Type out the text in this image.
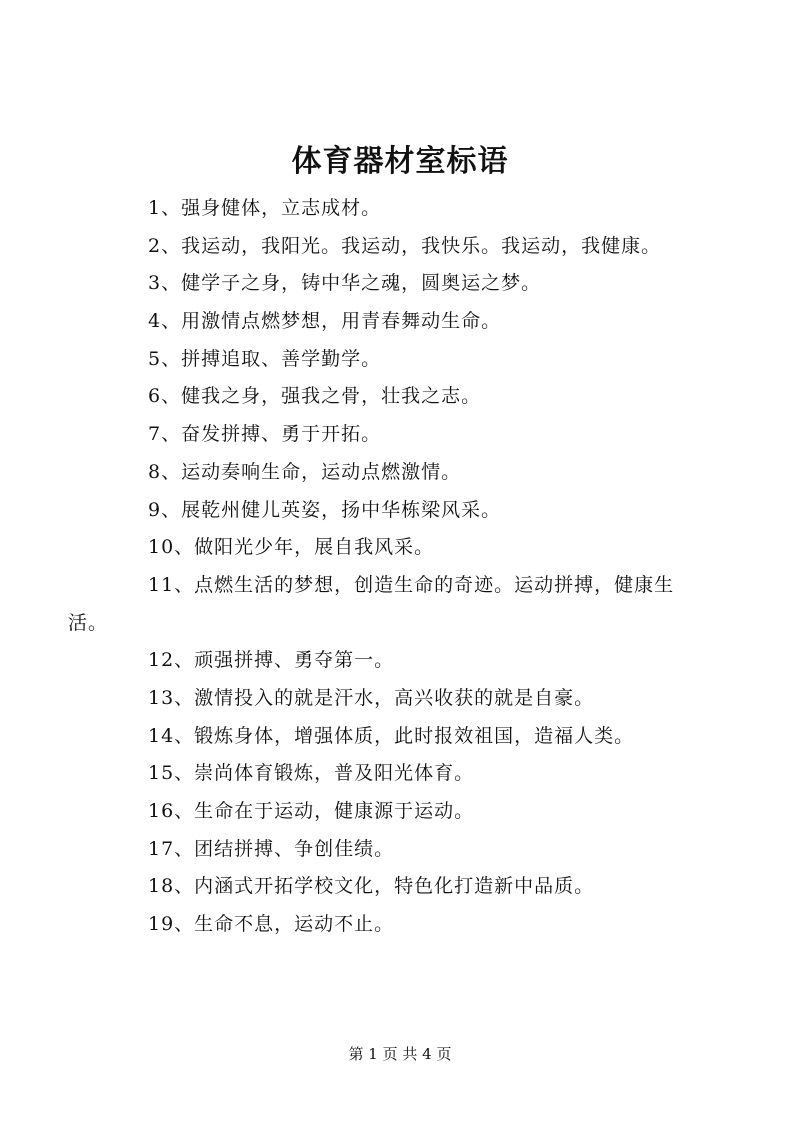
体育器材室标语

1、强身健体，立志成材。

2、我运动，我阳光。我运动，我快乐。我运动，我健康。

3、健学子之身，铸中华之魂，圆奥运之梦。

4、用激情点燃梦想，用青春舞动生命。

5、拼搏追取、善学勤学。

6、健我之身，强我之骨，壮我之志。

7、奋发拼搏、勇于开拓。

8、运动奏响生命，运动点燃激情。

9、展乾州健儿英姿，扬中华栋梁风采。

10、做阳光少年，展自我风采。

11、点燃生活的梦想，创造生命的奇迹。运动拼搏，健康生

活。

12、顽强拼搏、勇夺第一。

13、激情投入的就是汗水，高兴收获的就是自豪。

14、锻炼身体，增强体质，此时报效祖国，造福人类。

15、崇尚体育锻炼，普及阳光体育。

16、生命在于运动，健康源于运动。

17、团结拼搏、争创佳绩。

18、内涵式开拓学校文化，特色化打造新中品质。

19、生命不息，运动不止。

第 1 页 共 4 页
